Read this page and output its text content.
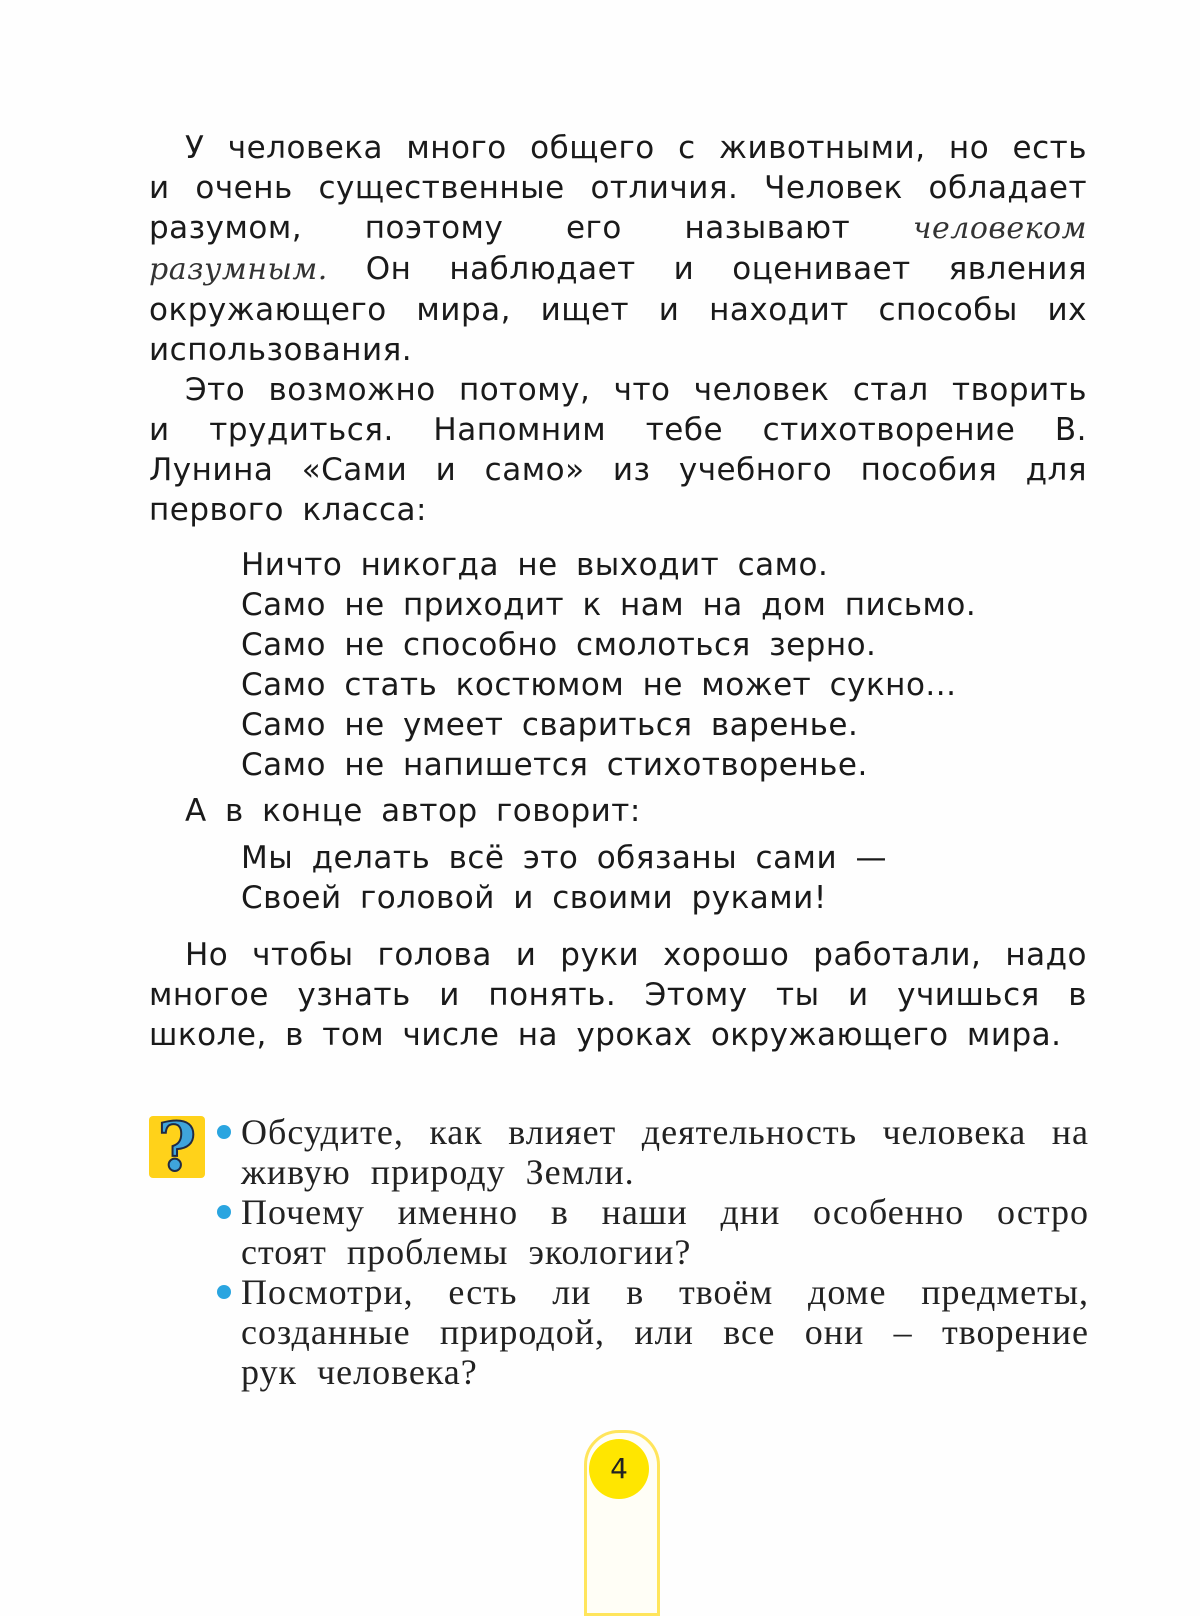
У человека много общего с животными, но есть и очень существенные отличия. Человек обладает разумом, поэтому его называют человеком разумным. Он наблюдает и оценивает явления окружающего мира, ищет и находит способы их использования.

Это возможно потому, что человек стал творить и трудиться. Напомним тебе стихотворение В. Лунина «Сами и само» из учебного пособия для первого класса:

Ничто никогда не выходит само.
Само не приходит к нам на дом письмо.
Само не способно смолоться зерно.
Само стать костюмом не может сукно...
Само не умеет свариться варенье.
Само не напишется стихотворенье.

А в конце автор говорит:

Мы делать всё это обязаны сами —
Своей головой и своими руками!

Но чтобы голова и руки хорошо работали, надо многое узнать и понять. Этому ты и учишься в школе, в том числе на уроках окружающего мира.

?	Обсудите, как влияет деятельность человека на живую природу Земли.
Почему именно в наши дни особенно остро стоят проблемы экологии?
Посмотри, есть ли в твоём доме предметы, созданные природой, или все они – творение рук человека?
4
